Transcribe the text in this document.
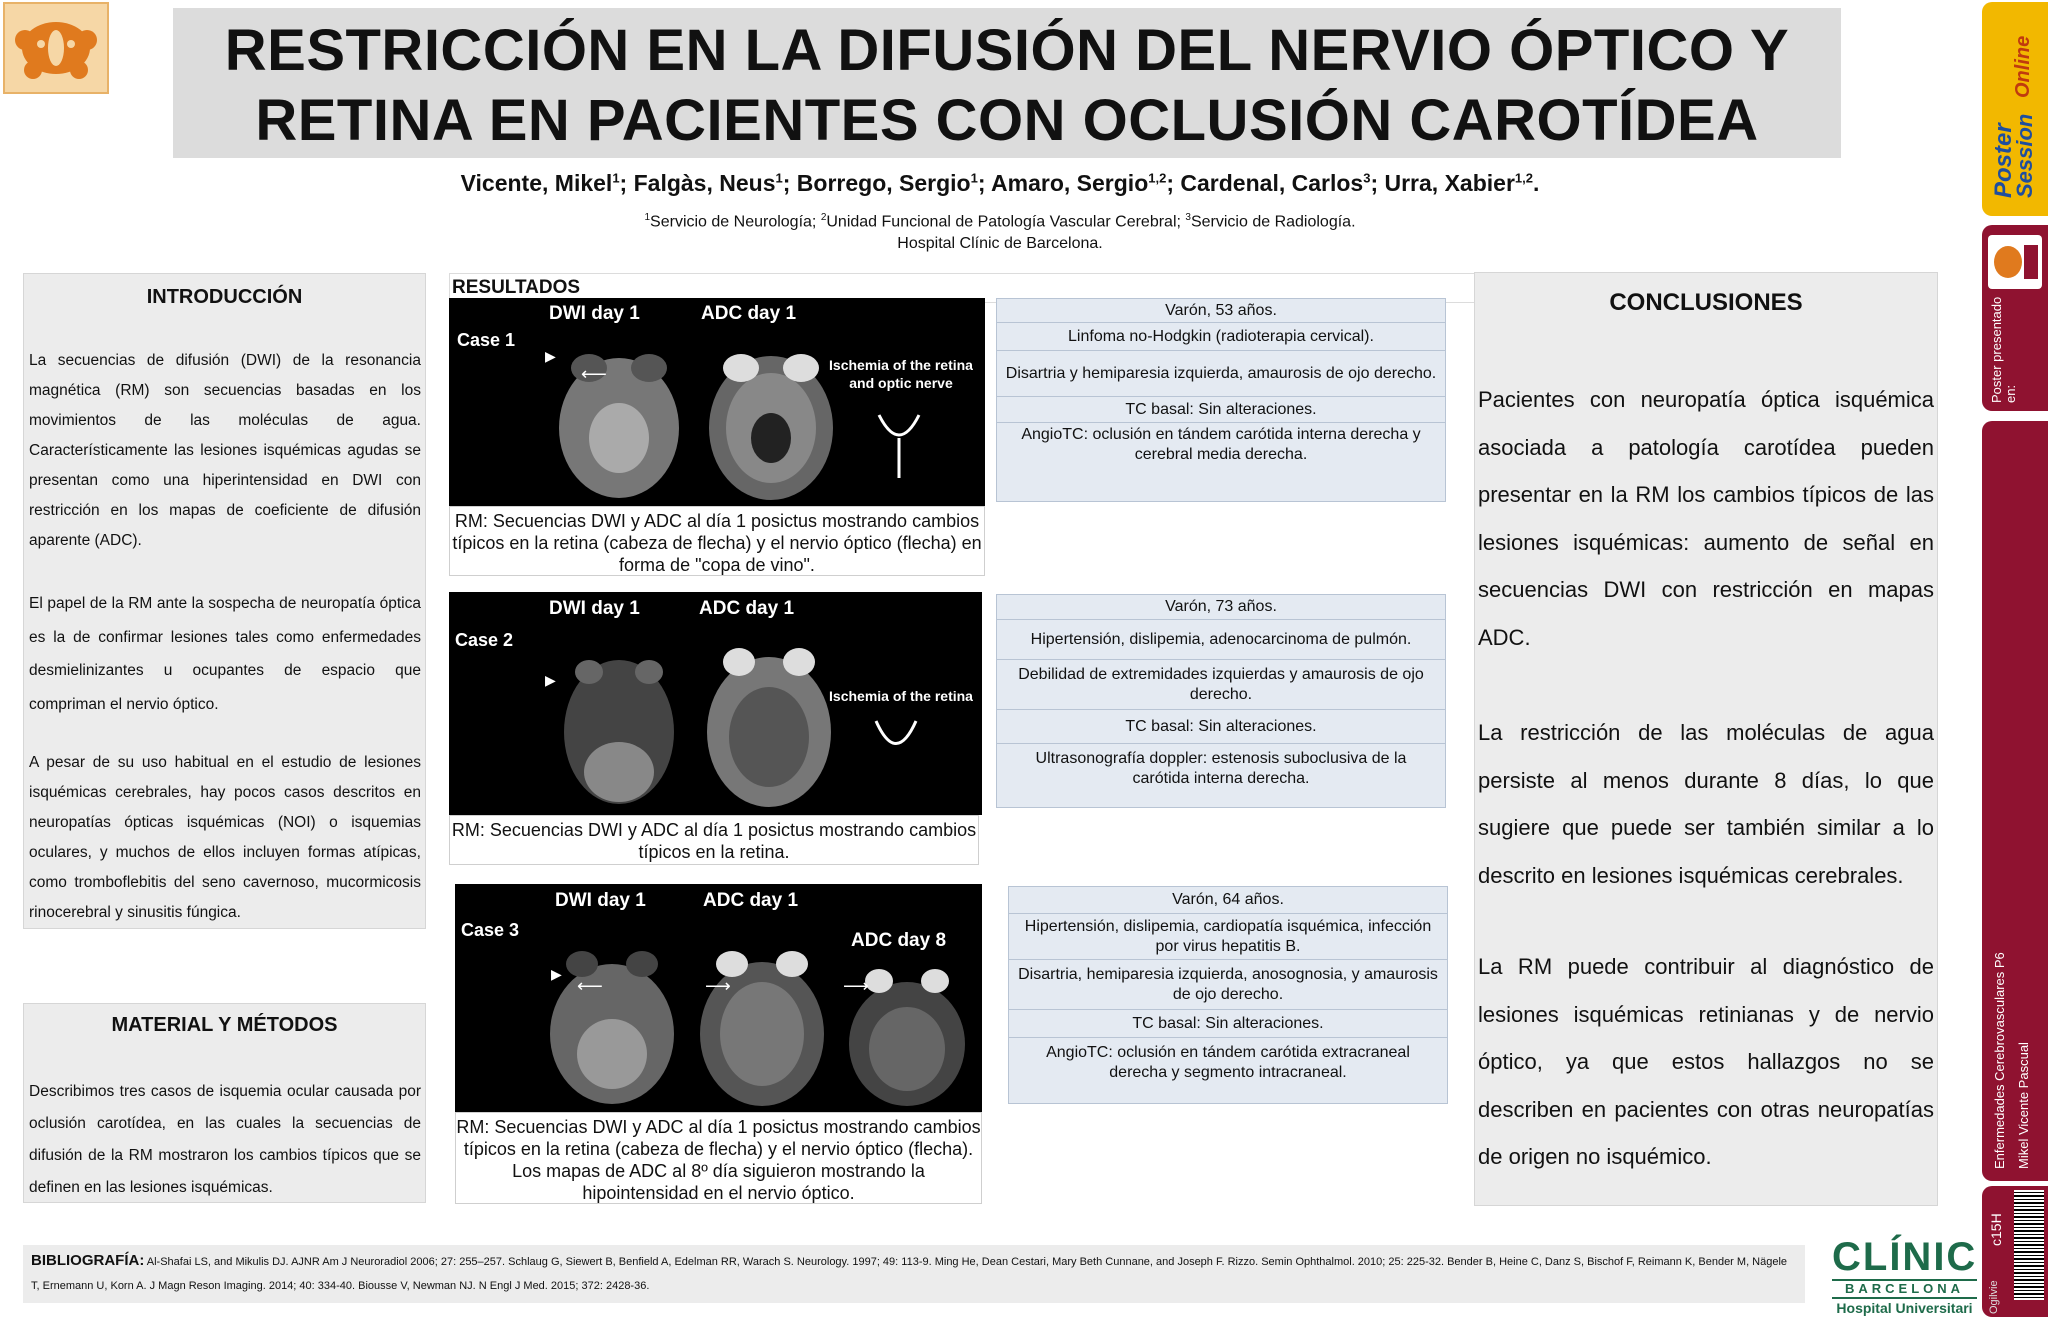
RESTRICCIÓN EN LA DIFUSIÓN DEL NERVIO ÓPTICO Y
RETINA EN PACIENTES CON OCLUSIÓN CAROTÍDEA
Vicente, Mikel$^1$; Falgàs, Neus$^1$; Borrego, Sergio$^1$; Amaro, Sergio$^{1,2}$; Cardenal, Carlos$^3$; Urra, Xabier$^{1,2}$.
$^1$Servicio de Neurología; $^2$Unidad Funcional de Patología Vascular Cerebral; $^3$Servicio de Radiología.
Hospital Clínic de Barcelona.
INTRODUCCIÓN
La secuencias de difusión (DWI) de la resonancia magnética (RM) son secuencias basadas en los movimientos de las moléculas de agua. Característicamente las lesiones isquémicas agudas se presentan como una hiperintensidad en DWI con restricción en los mapas de coeficiente de difusión aparente (ADC).
El papel de la RM ante la sospecha de neuropatía óptica es la de confirmar lesiones tales como enfermedades desmielinizantes u ocupantes de espacio que compriman el nervio óptico.
A pesar de su uso habitual en el estudio de lesiones isquémicas cerebrales, hay pocos casos descritos en neuropatías ópticas isquémicas (NOI) o isquemias oculares, y muchos de ellos incluyen formas atípicas, como tromboflebitis del seno cavernoso, mucormicosis rinocerebral y sinusitis fúngica.
MATERIAL Y MÉTODOS
Describimos tres casos de isquemia ocular causada por oclusión carotídea, en las cuales la secuencias de difusión de la RM mostraron los cambios típicos que se definen en las lesiones isquémicas.
RESULTADOS
Case 1
DWI day 1	ADC day 1
▶
⟵	Ischemia of the retina and optic nerve
RM: Secuencias DWI y ADC al día 1 posictus mostrando cambios típicos en la retina (cabeza de flecha) y el nervio óptico (flecha) en forma de "copa de vino".
Varón, 53 años.
Linfoma no-Hodgkin (radioterapia cervical).
Disartria y hemiparesia izquierda, amaurosis de ojo derecho.
TC basal: Sin alteraciones.
AngioTC: oclusión en tándem carótida interna derecha y cerebral media derecha.
Case 2
DWI day 1	ADC day 1
▶
Ischemia of the retina
RM: Secuencias DWI y ADC al día 1 posictus mostrando cambios típicos en la retina.
Varón, 73 años.
Hipertensión, dislipemia, adenocarcinoma de pulmón.
Debilidad de extremidades izquierdas y amaurosis de ojo derecho.
TC basal: Sin alteraciones.
Ultrasonografía doppler: estenosis suboclusiva de la carótida interna derecha.
Case 3
DWI day 1	ADC day 1
ADC day 8
▶
⟵	⟶	⟶
RM: Secuencias DWI y ADC al día 1 posictus mostrando cambios típicos en la retina (cabeza de flecha) y el nervio óptico (flecha). Los mapas de ADC al 8º día siguieron mostrando la hipointensidad en el nervio óptico.
Varón, 64 años.
Hipertensión, dislipemia, cardiopatía isquémica, infección por virus hepatitis B.
Disartria, hemiparesia izquierda, anosognosia, y amaurosis de ojo derecho.
TC basal: Sin alteraciones.
AngioTC: oclusión en tándem carótida extracraneal derecha y segmento intracraneal.
CONCLUSIONES
Pacientes con neuropatía óptica isquémica asociada a patología carotídea pueden presentar en la RM los cambios típicos de las lesiones isquémicas: aumento de señal en secuencias DWI con restricción en mapas ADC.
La restricción de las moléculas de agua persiste al menos durante 8 días, lo que sugiere que puede ser también similar a lo descrito en lesiones isquémicas cerebrales.
La RM puede contribuir al diagnóstico de lesiones isquémicas retinianas y de nervio óptico, ya que estos hallazgos no se describen en pacientes con otras neuropatías de origen no isquémico.
BIBLIOGRAFÍA: Al-Shafai LS, and Mikulis DJ. AJNR Am J Neuroradiol 2006; 27: 255–257. Schlaug G, Siewert B, Benfield A, Edelman RR, Warach S. Neurology. 1997; 49: 113-9. Ming He, Dean Cestari, Mary Beth Cunnane, and Joseph F. Rizzo. Semin Ophthalmol. 2010; 25: 225-32. Bender B, Heine C, Danz S, Bischof F, Reimann K, Bender M, Nägele T, Ernemann U, Korn A. J Magn Reson Imaging. 2014; 40: 334-40. Biousse V, Newman NJ. N Engl J Med. 2015; 372: 2428-36.
CLÍNIC
BARCELONA
Hospital Universitari
Poster
Session
Online
Poster presentado en:
Enfermedades Cerebrovasculares P6 Mikel Vicente Pascual
c15H
Ogilvie
